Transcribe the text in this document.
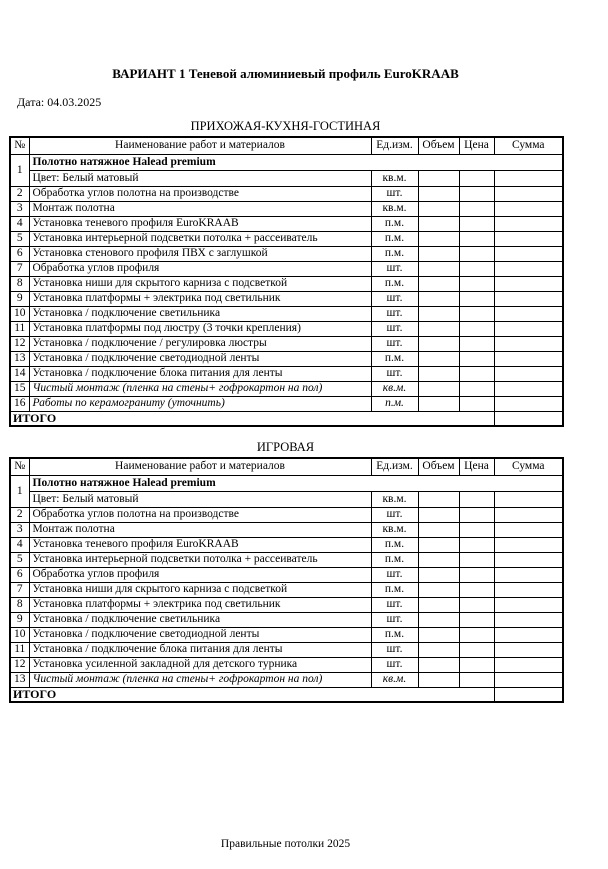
ВАРИАНТ 1 Теневой алюминиевый профиль EuroKRAAB
Дата: 04.03.2025
ПРИХОЖАЯ-КУХНЯ-ГОСТИНАЯ
№	Наименование работ и материалов	Ед.изм.	Объем	Цена	Сумма
1	Полотно натяжное Halead premium				
	Цвет: Белый матовый	кв.м.			
2	Обработка углов полотна на производстве	шт.			
3	Монтаж полотна	кв.м.			
4	Установка теневого профиля EuroKRAAB	п.м.			
5	Установка интерьерной подсветки потолка + рассеиватель	п.м.			
6	Установка стенового профиля ПВХ с заглушкой	п.м.			
7	Обработка углов профиля	шт.			
8	Установка ниши для скрытого карниза с подсветкой	п.м.			
9	Установка платформы + электрика под светильник	шт.			
10	Установка / подключение светильника	шт.			
11	Установка платформы под люстру (3 точки крепления)	шт.			
12	Установка / подключение / регулировка люстры	шт.			
13	Установка / подключение светодиодной ленты	п.м.			
14	Установка / подключение блока питания для ленты	шт.			
15	Чистый монтаж (пленка на стены+ гофрокартон на пол)	кв.м.			
16	Работы по керамограниту (уточнить)	п.м.			
ИТОГО					
ИГРОВАЯ
№	Наименование работ и материалов	Ед.изм.	Объем	Цена	Сумма
1	Полотно натяжное Halead premium				
	Цвет: Белый матовый	кв.м.			
2	Обработка углов полотна на производстве	шт.			
3	Монтаж полотна	кв.м.			
4	Установка теневого профиля EuroKRAAB	п.м.			
5	Установка интерьерной подсветки потолка + рассеиватель	п.м.			
6	Обработка углов профиля	шт.			
7	Установка ниши для скрытого карниза с подсветкой	п.м.			
8	Установка платформы + электрика под светильник	шт.			
9	Установка / подключение светильника	шт.			
10	Установка / подключение светодиодной ленты	п.м.			
11	Установка / подключение блока питания для ленты	шт.			
12	Установка усиленной закладной для детского турника	шт.			
13	Чистый монтаж (пленка на стены+ гофрокартон на пол)	кв.м.			
ИТОГО					
Правильные потолки 2025
